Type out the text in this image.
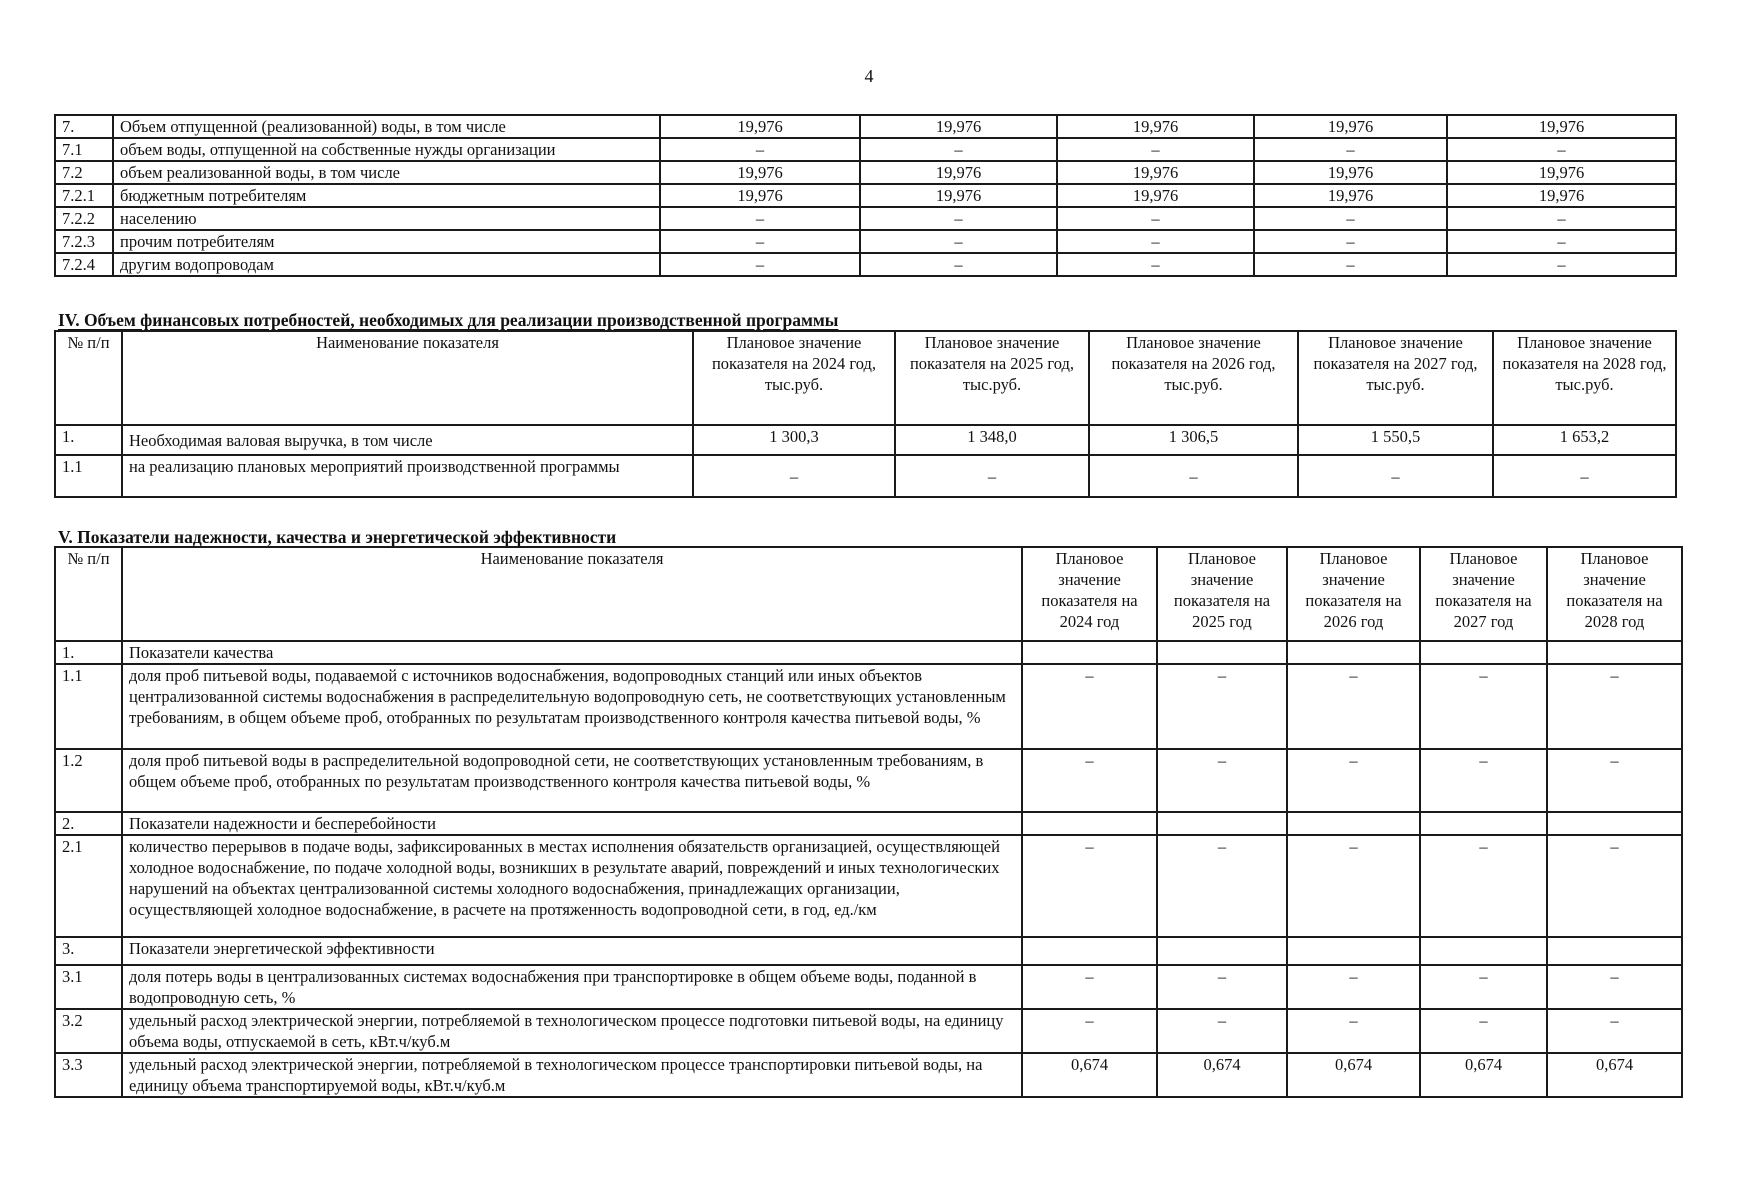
4
7.	Объем отпущенной (реализованной) воды, в том числе	19,976	19,976	19,976	19,976	19,976
7.1	объем воды, отпущенной на собственные нужды организации	–	–	–	–	–
7.2	объем реализованной воды, в том числе	19,976	19,976	19,976	19,976	19,976
7.2.1	бюджетным потребителям	19,976	19,976	19,976	19,976	19,976
7.2.2	населению	–	–	–	–	–
7.2.3	прочим потребителям	–	–	–	–	–
7.2.4	другим водопроводам	–	–	–	–	–
IV. Объем финансовых потребностей, необходимых для реализации производственной программы
№ п/п	Наименование показателя	Плановое значение показателя на 2024 год, тыс.руб.	Плановое значение показателя на 2025 год, тыс.руб.	Плановое значение показателя на 2026 год, тыс.руб.	Плановое значение показателя на 2027 год, тыс.руб.	Плановое значение показателя на 2028 год, тыс.руб.
1.	Необходимая валовая выручка, в том числе	1 300,3	1 348,0	1 306,5	1 550,5	1 653,2
1.1	на реализацию плановых мероприятий производственной программы	–	–	–	–	–
V. Показатели надежности, качества и энергетической эффективности
№ п/п	Наименование показателя	Плановое значение показателя на 2024 год	Плановое значение показателя на 2025 год	Плановое значение показателя на 2026 год	Плановое значение показателя на 2027 год	Плановое значение показателя на 2028 год
1.	Показатели качества					
1.1	доля проб питьевой воды, подаваемой с источников водоснабжения, водопроводных станций или иных объектов централизованной системы водоснабжения в распределительную водопроводную сеть, не соответствующих установленным требованиям, в общем объеме проб, отобранных по результатам производственного контроля качества питьевой воды, %	–	–	–	–	–
1.2	доля проб питьевой воды в распределительной водопроводной сети, не соответствующих установленным требованиям, в общем объеме проб, отобранных по результатам производственного контроля качества питьевой воды, %	–	–	–	–	–
2.	Показатели надежности и бесперебойности					
2.1	количество перерывов в подаче воды, зафиксированных в местах исполнения обязательств организацией, осуществляющей холодное водоснабжение, по подаче холодной воды, возникших в результате аварий, повреждений и иных технологических нарушений на объектах централизованной системы холодного водоснабжения, принадлежащих организации, осуществляющей холодное водоснабжение, в расчете на протяженность водопроводной сети, в год, ед./км	–	–	–	–	–
3.	Показатели энергетической эффективности					
3.1	доля потерь воды в централизованных системах водоснабжения при транспортировке в общем объеме воды, поданной в водопроводную сеть, %	–	–	–	–	–
3.2	удельный расход электрической энергии, потребляемой в технологическом процессе подготовки питьевой воды, на единицу объема воды, отпускаемой в сеть, кВт.ч/куб.м	–	–	–	–	–
3.3	удельный расход электрической энергии, потребляемой в технологическом процессе транспортировки питьевой воды, на единицу объема транспортируемой воды, кВт.ч/куб.м	0,674	0,674	0,674	0,674	0,674
